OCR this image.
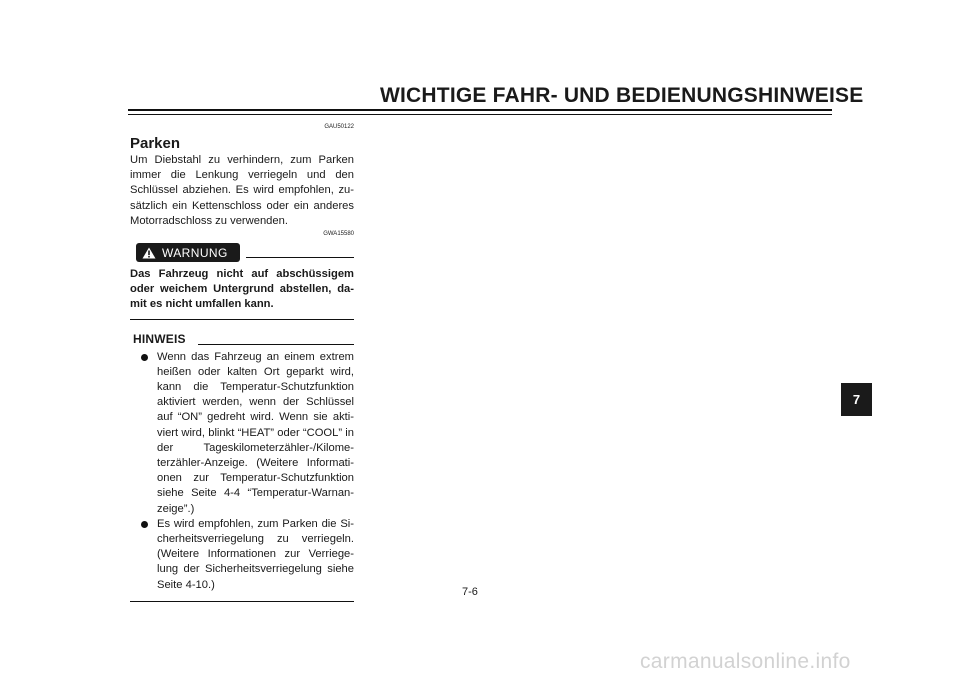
WICHTIGE FAHR- UND BEDIENUNGSHINWEISE
GAU50122
Parken
Um Diebstahl zu verhindern, zum Parken immer die Lenkung verriegeln und den Schlüssel abziehen. Es wird empfohlen, zu-sätzlich ein Kettenschloss oder ein anderes Motorradschloss zu verwenden.
GWA15580
WARNUNG
Das Fahrzeug nicht auf abschüssigem oder weichem Untergrund abstellen, da-mit es nicht umfallen kann.
HINWEIS
Wenn das Fahrzeug an einem extrem heißen oder kalten Ort geparkt wird, kann die Temperatur-Schutzfunktion aktiviert werden, wenn der Schlüssel auf “ON” gedreht wird. Wenn sie akti-viert wird, blinkt “HEAT” oder “COOL” in der Tageskilometerzähler-/Kilome-terzähler-Anzeige. (Weitere Informati-onen zur Temperatur-Schutzfunktion siehe Seite 4-4 “Temperatur-Warnan-zeige”.)
Es wird empfohlen, zum Parken die Si-cherheitsverriegelung zu verriegeln. (Weitere Informationen zur Verriege-lung der Sicherheitsverriegelung siehe Seite 4-10.)
7-6
7
carmanualsonline.info
